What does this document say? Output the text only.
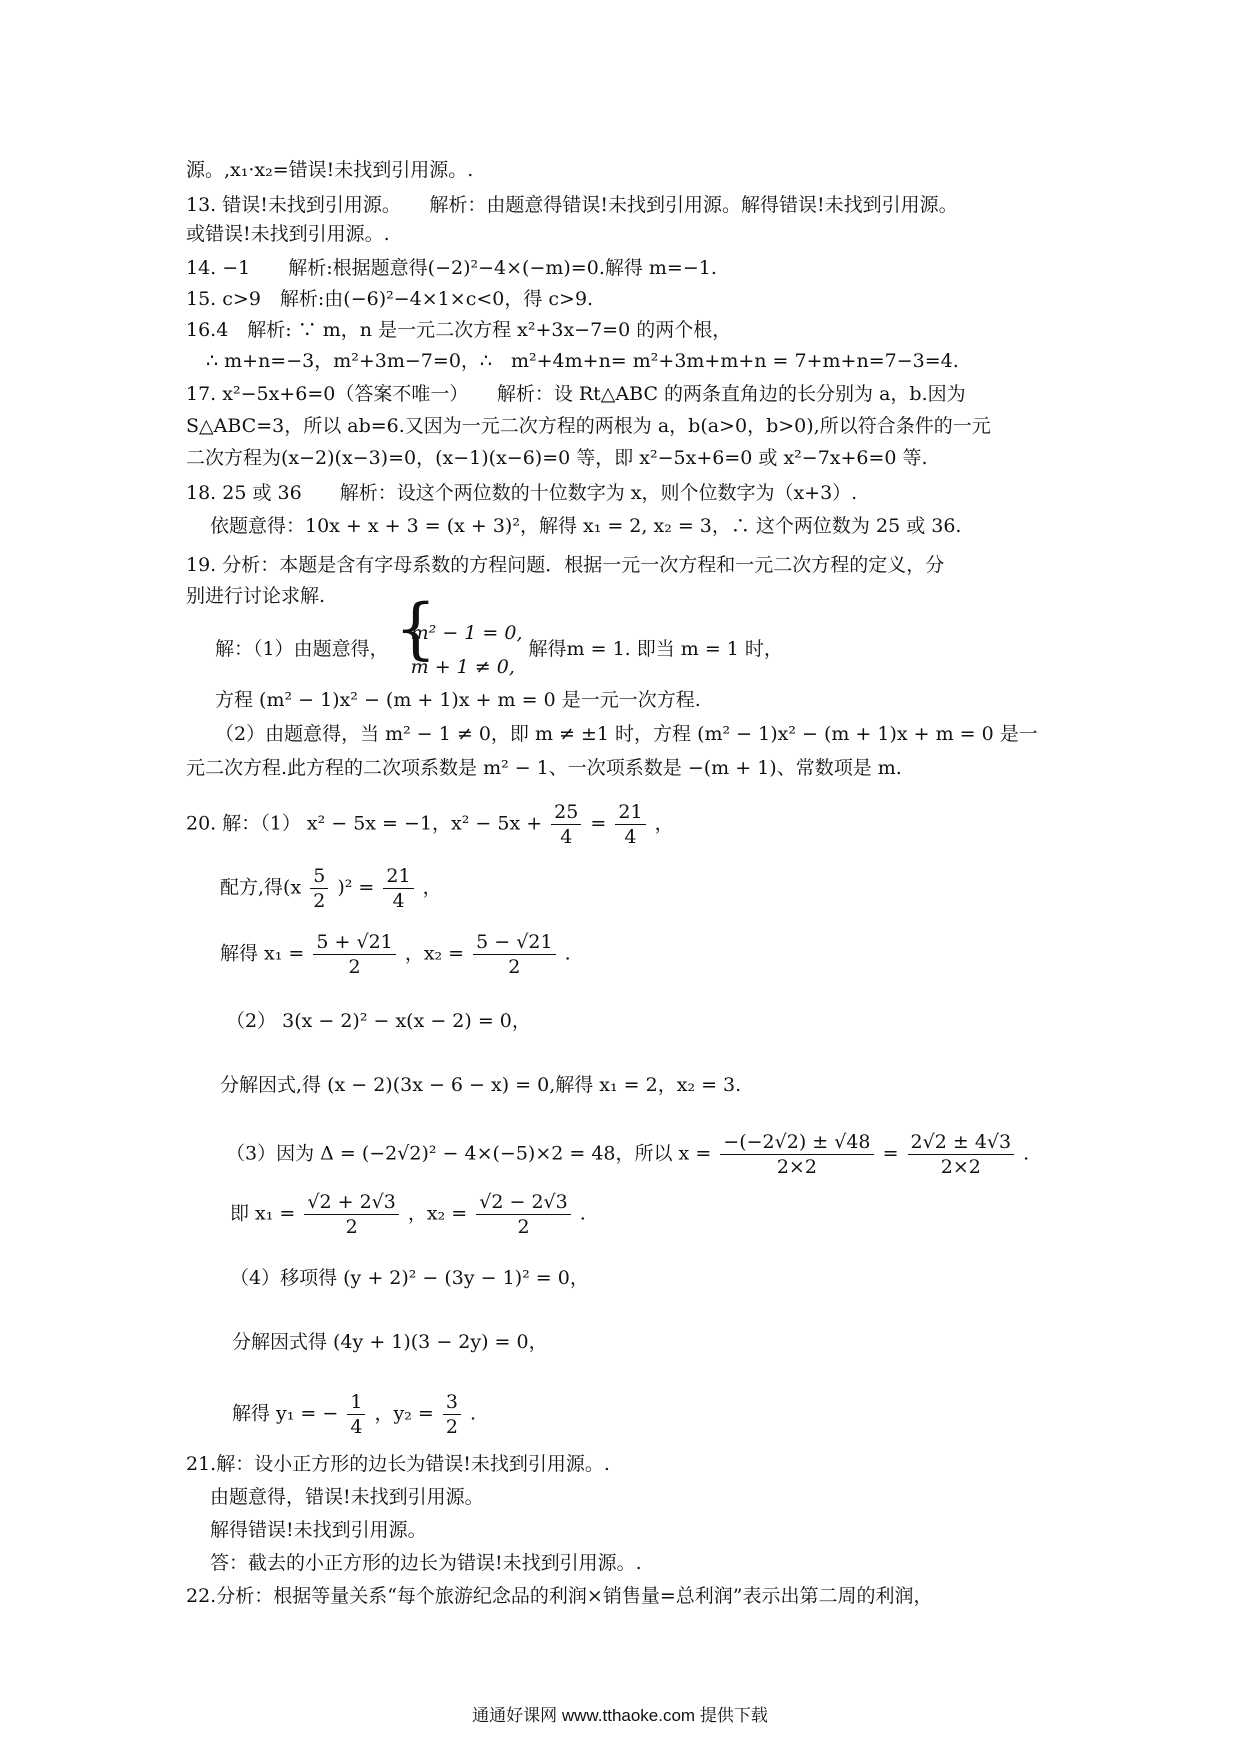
源。,x₁·x₂=错误!未找到引用源。.
13. 错误!未找到引用源。　　解析：由题意得错误!未找到引用源。解得错误!未找到引用源。
或错误!未找到引用源。.
14. −1　　解析:根据题意得(−2)²−4×(−m)=0.解得 m=−1.
15. c>9　解析:由(−6)²−4×1×c<0，得 c>9.
16.4　解析: ∵ m，n 是一元二次方程 x²+3x−7=0 的两个根，
∴ m+n=−3，m²+3m−7=0，∴　m²+4m+n= m²+3m+m+n = 7+m+n=7−3=4.
17. x²−5x+6=0（答案不唯一）　　解析：设 Rt△ABC 的两条直角边的长分别为 a，b.因为
S△ABC=3，所以 ab=6.又因为一元二次方程的两根为 a，b(a>0，b>0),所以符合条件的一元
二次方程为(x−2)(x−3)=0，(x−1)(x−6)=0 等，即 x²−5x+6=0 或 x²−7x+6=0 等.
18. 25 或 36　　解析：设这个两位数的十位数字为 x，则个位数字为（x+3）.
依题意得：10x + x + 3 = (x + 3)²，解得 x₁ = 2, x₂ = 3，∴ 这个两位数为 25 或 36.
19. 分析：本题是含有字母系数的方程问题．根据一元一次方程和一元二次方程的定义，分
别进行讨论求解.
解：（1）由题意得， {
m² − 1 = 0,
m + 1 ≠ 0,
解得m = 1. 即当 m = 1 时，
方程 (m² − 1)x² − (m + 1)x + m = 0 是一元一次方程.
（2）由题意得，当 m² − 1 ≠ 0，即 m ≠ ±1 时，方程 (m² − 1)x² − (m + 1)x + m = 0 是一
元二次方程.此方程的二次项系数是 m² − 1、一次项系数是 −(m + 1)、常数项是 m.
20. 解：（1） x² − 5x = −1，$x^2 - 5x + \frac{25}{4} = \frac{21}{4}$ ，
配方,得$(x \frac{5}{2} )^2 = \frac{21}{4}$ ，
解得 $x_1 = \frac{5 + √21}{2}$ ，$x_2 = \frac{5 - √21}{2}$ .
（2） 3(x − 2)² − x(x − 2) = 0，
分解因式,得 (x − 2)(3x − 6 − x) = 0,解得 x₁ = 2，x₂ = 3.
（3）因为 Δ = (−2√2)² − 4×(−5)×2 = 48，所以 $x = \frac{-(-2√2) \pm √48}{2\times 2} = \frac{2√2 \pm 4√3}{2\times 2}$ .
即 $x_1 = \frac{√2 + 2√3}{2}$ ，$x_2 = \frac{√2 - 2√3}{2}$ .
（4）移项得 (y + 2)² − (3y − 1)² = 0，
分解因式得 (4y + 1)(3 − 2y) = 0，
解得 y₁ = − $\frac{1}{4}$ ，$y_2 = \frac{3}{2}$ .
21.解：设小正方形的边长为错误!未找到引用源。.
由题意得，错误!未找到引用源。
解得错误!未找到引用源。
答：截去的小正方形的边长为错误!未找到引用源。.
22.分析：根据等量关系“每个旅游纪念品的利润×销售量=总利润”表示出第二周的利润，
通通好课网 www.tthaoke.com 提供下载
